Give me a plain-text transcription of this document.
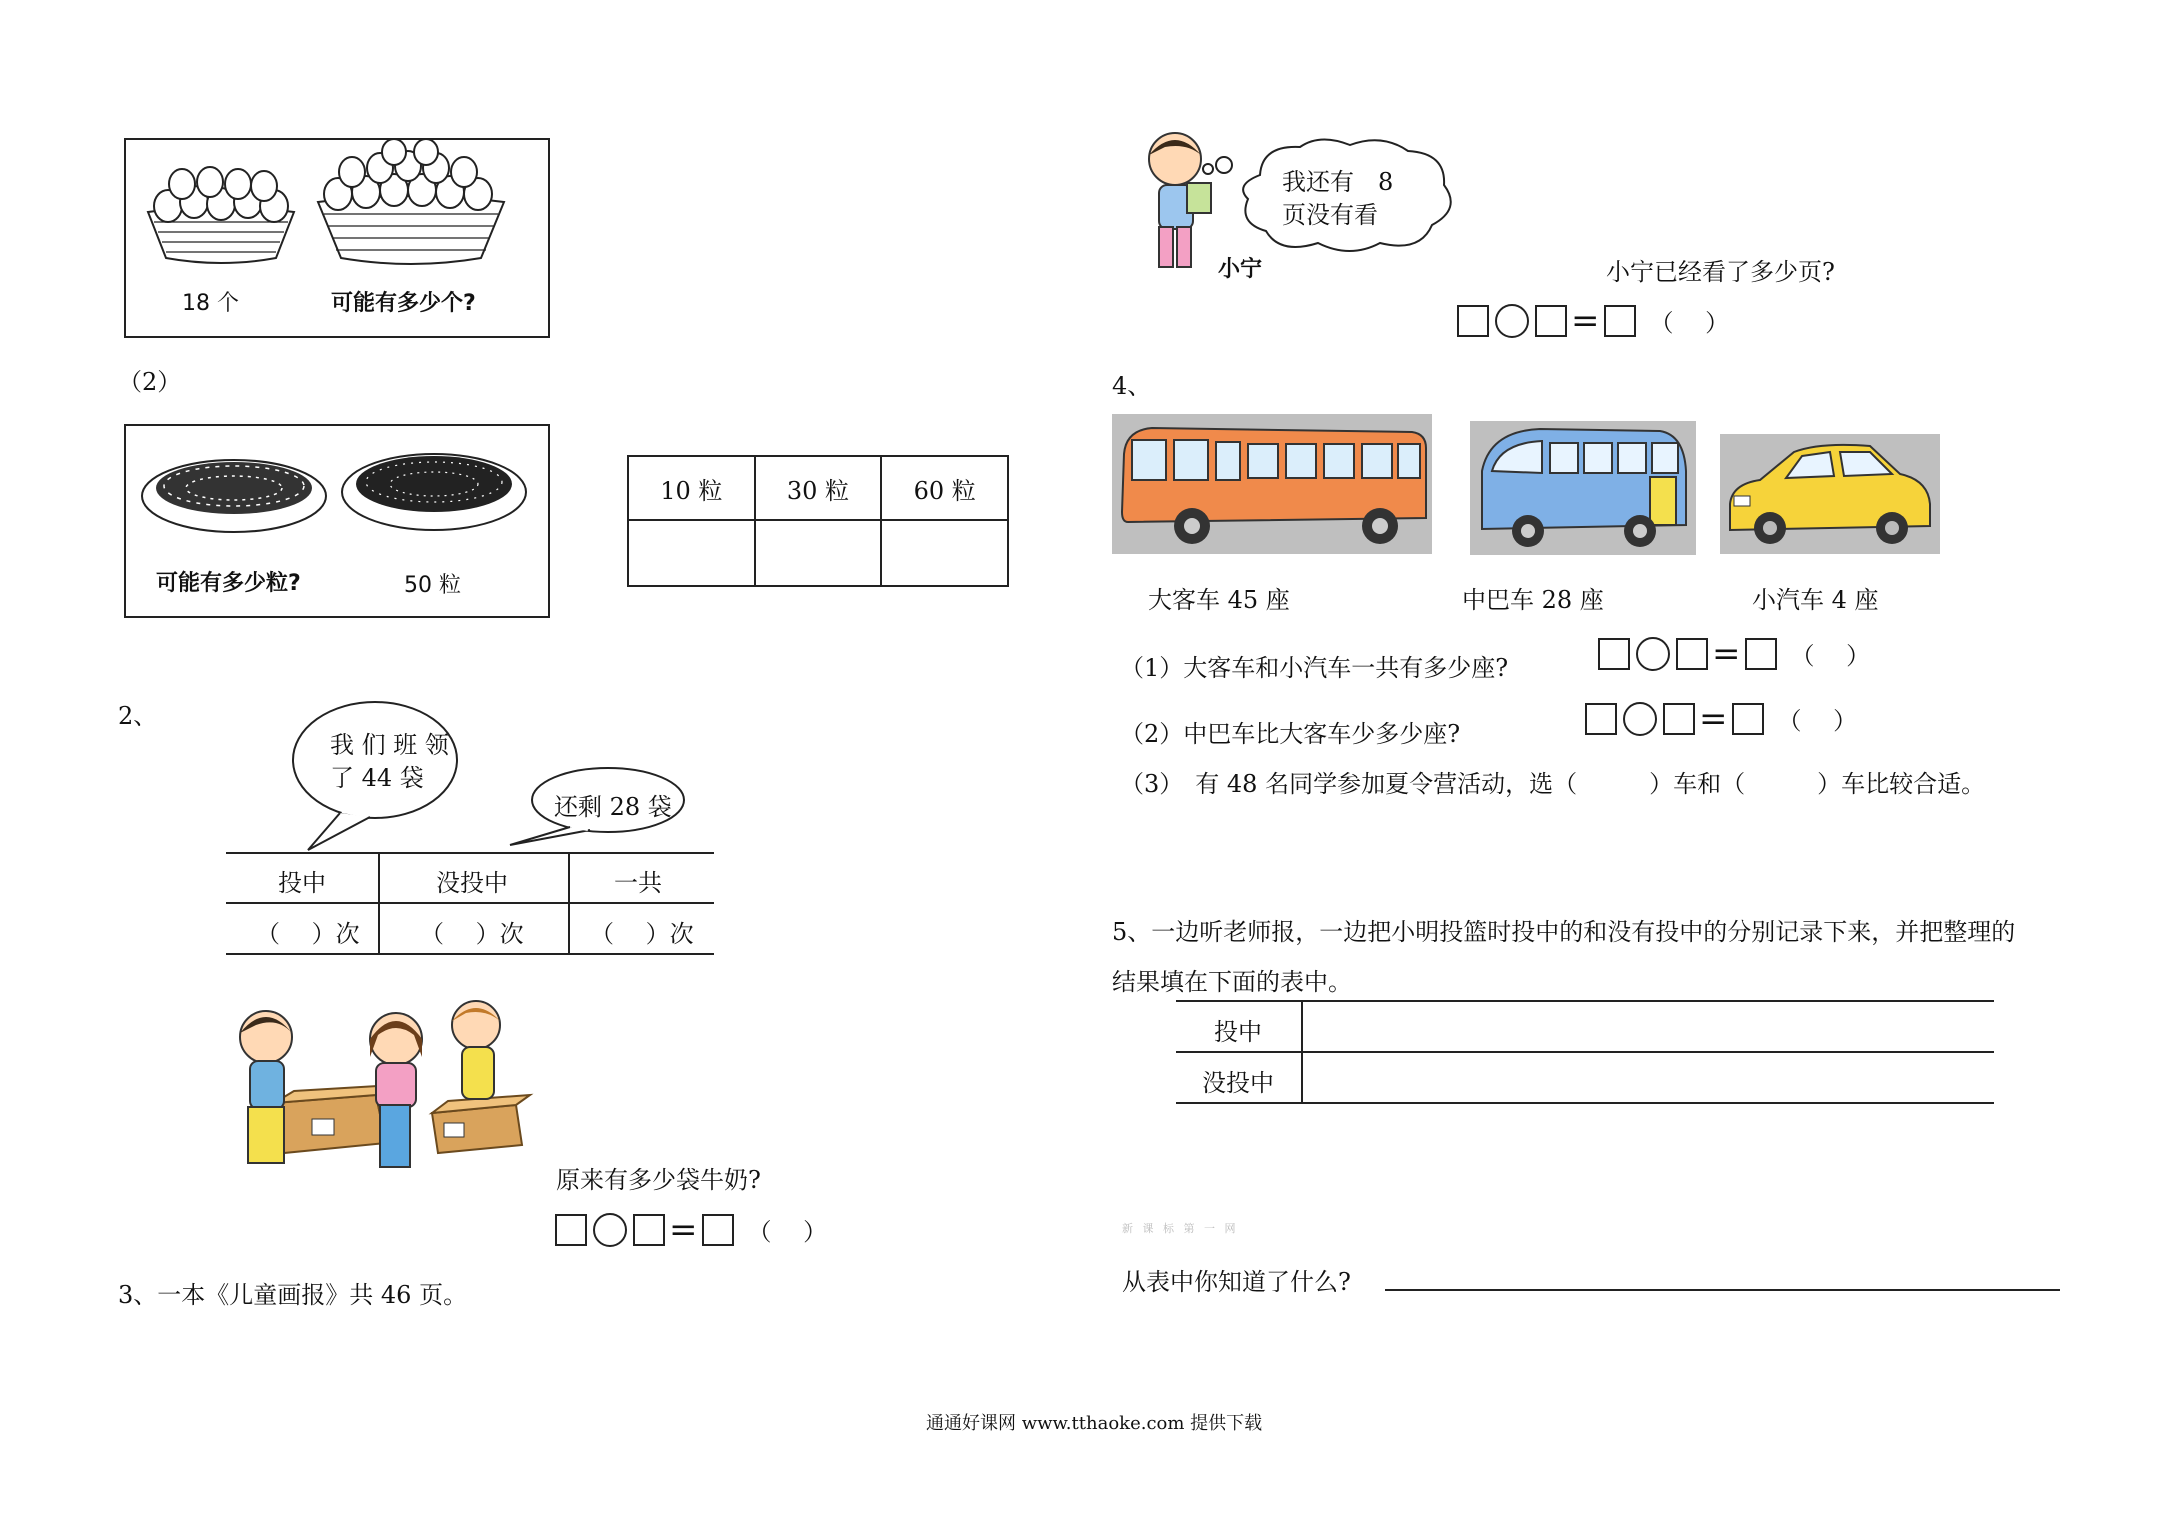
18 个	可能有多少个?
（2）
可能有多少粒?	50 粒
10 粒	30 粒	60 粒

2、
我 们 班 领
了 44 袋
还剩 28 袋
投中	没投中	一共
（　 ）次	（　 ）次	（　 ）次
原来有多少袋牛奶?
= （　 ）
3、一本《儿童画报》共 46 页。
我还有　8
页没有看
小宁	小宁已经看了多少页?
= （　 ）
4、
大客车 45 座	中巴车 28 座	小汽车 4 座
（1）大客车和小汽车一共有多少座?	= （　 ）
（2）中巴车比大客车少多少座?	= （　 ）
（3）　有 48 名同学参加夏令营活动，选（　　　）车和（　　　）车比较合适。
5、一边听老师报，一边把小明投篮时投中的和没有投中的分别记录下来，并把整理的
结果填在下面的表中。
投中
没投中
新 课 标 第 一 网
从表中你知道了什么?
通通好课网 www.tthaoke.com 提供下载
